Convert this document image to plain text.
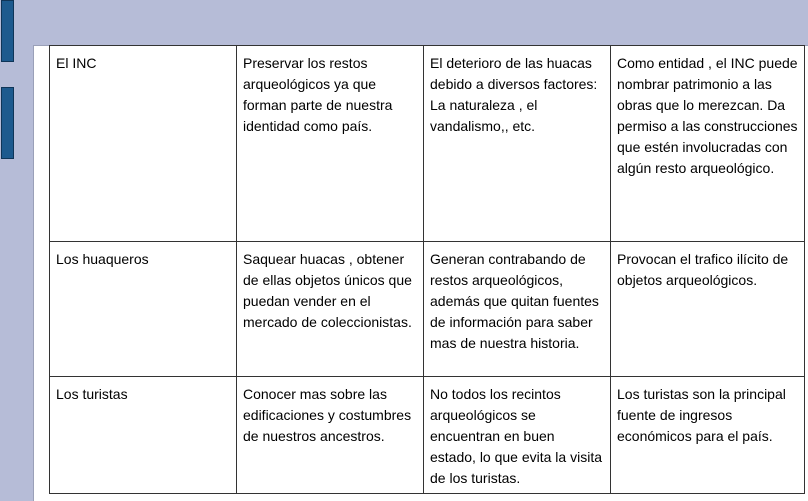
El INC	Preservar los restos arqueológicos ya que forman parte de nuestra identidad como país.	El deterioro de las huacas debido a diversos factores: La naturaleza , el vandalismo,, etc.	Como entidad , el INC puede nombrar patrimonio a las obras que lo merezcan. Da permiso a las construcciones que estén involucradas con algún resto arqueológico.
Los huaqueros	Saquear huacas , obtener de ellas objetos únicos que puedan vender en el mercado de coleccionistas.	Generan contrabando de restos arqueológicos, además que quitan fuentes de información para saber mas de nuestra historia.	Provocan el trafico ilícito de objetos arqueológicos.
Los turistas	Conocer mas sobre las edificaciones y costumbres de nuestros ancestros.	No todos los recintos arqueológicos se encuentran en buen estado, lo que evita la visita de los turistas.	Los turistas son la principal fuente de ingresos económicos para el país.
